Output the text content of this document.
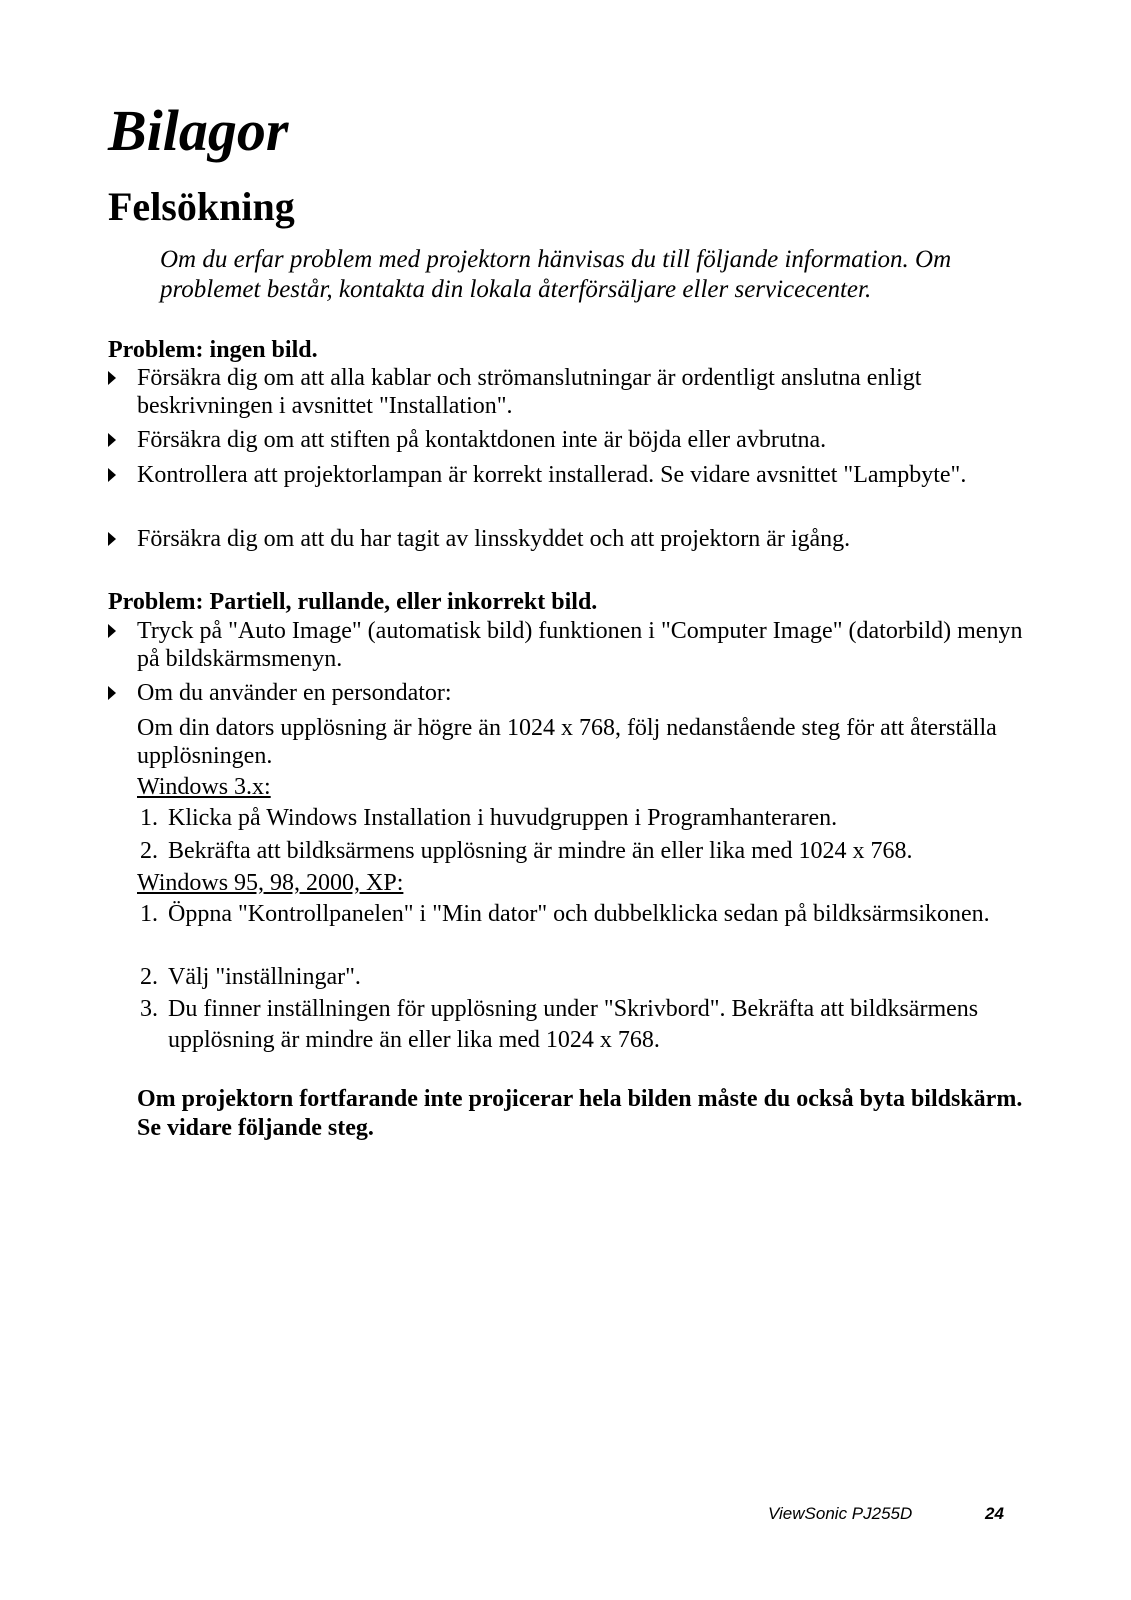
Bilagor
Felsökning

Om du erfar problem med projektorn hänvisas du till följande information. Om problemet består, kontakta din lokala återförsäljare eller servicecenter.

Problem: ingen bild.
Försäkra dig om att alla kablar och strömanslutningar är ordentligt anslutna enligt beskrivningen i avsnittet "Installation".
Försäkra dig om att stiften på kontaktdonen inte är böjda eller avbrutna.
Kontrollera att projektorlampan är korrekt installerad. Se vidare avsnittet "Lampbyte".
Försäkra dig om att du har tagit av linsskyddet och att projektorn är igång.
Problem: Partiell, rullande, eller inkorrekt bild.
Tryck på "Auto Image" (automatisk bild) funktionen i "Computer Image" (datorbild) menyn på bildskärmsmenyn.
Om du använder en persondator:

Om din dators upplösning är högre än 1024 x 768, följ nedanstående steg för att återställa upplösningen.

Windows 3.x:

1. Klicka på Windows Installation i huvudgruppen i Programhanteraren.
2. Bekräfta att bildksärmens upplösning är mindre än eller lika med 1024 x 768.

Windows 95, 98, 2000, XP:

1. Öppna "Kontrollpanelen" i "Min dator" och dubbelklicka sedan på bildksärmsikonen.
2. Välj "inställningar".
3. Du finner inställningen för upplösning under "Skrivbord". Bekräfta att bildksärmens upplösning är mindre än eller lika med 1024 x 768.

Om projektorn fortfarande inte projicerar hela bilden måste du också byta bildskärm. Se vidare följande steg.

ViewSonic PJ255D	24
